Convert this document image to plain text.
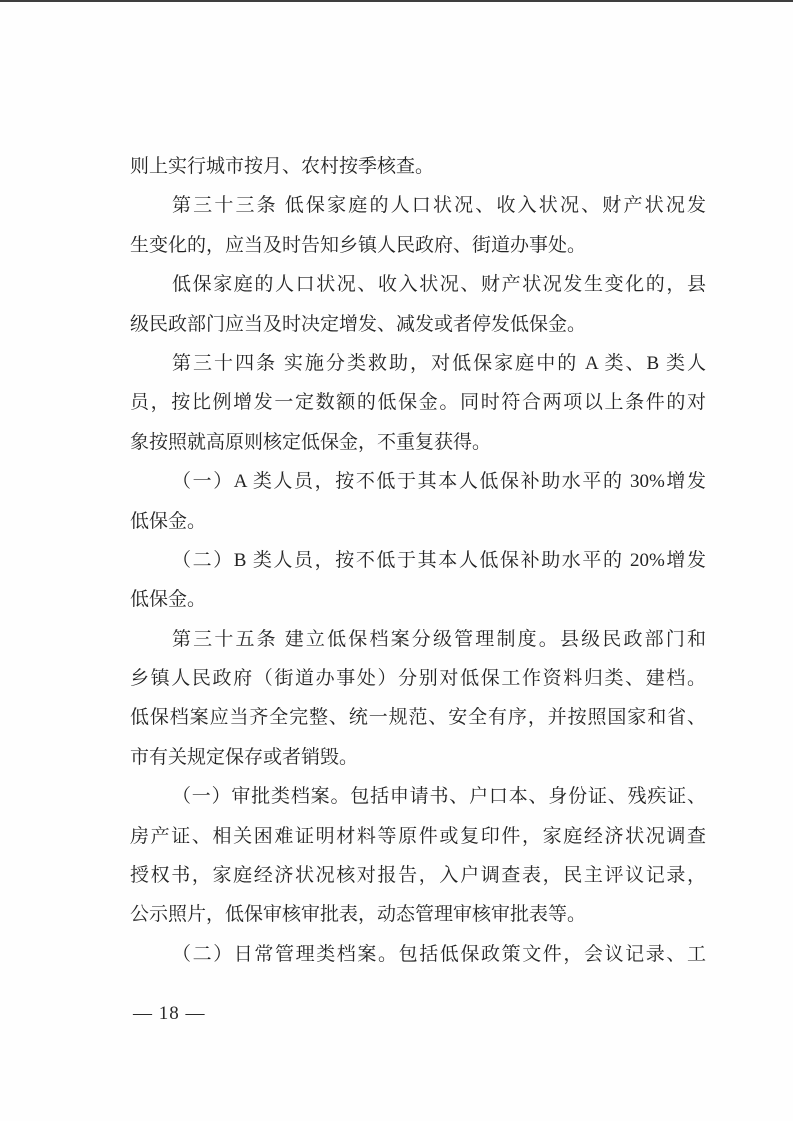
则上实行城市按月、农村按季核查。
第三十三条 低保家庭的人口状况、收入状况、财产状况发
生变化的，应当及时告知乡镇人民政府、街道办事处。
低保家庭的人口状况、收入状况、财产状况发生变化的，县
级民政部门应当及时决定增发、减发或者停发低保金。
第三十四条 实施分类救助，对低保家庭中的 A 类、B 类人
员，按比例增发一定数额的低保金。同时符合两项以上条件的对
象按照就高原则核定低保金，不重复获得。
（一）A 类人员，按不低于其本人低保补助水平的 30%增发
低保金。
（二）B 类人员，按不低于其本人低保补助水平的 20%增发
低保金。
第三十五条 建立低保档案分级管理制度。县级民政部门和
乡镇人民政府（街道办事处）分别对低保工作资料归类、建档。
低保档案应当齐全完整、统一规范、安全有序，并按照国家和省、
市有关规定保存或者销毁。
（一）审批类档案。包括申请书、户口本、身份证、残疾证、
房产证、相关困难证明材料等原件或复印件，家庭经济状况调查
授权书，家庭经济状况核对报告，入户调查表，民主评议记录，
公示照片，低保审核审批表，动态管理审核审批表等。
（二）日常管理类档案。包括低保政策文件，会议记录、工
— 18 —
